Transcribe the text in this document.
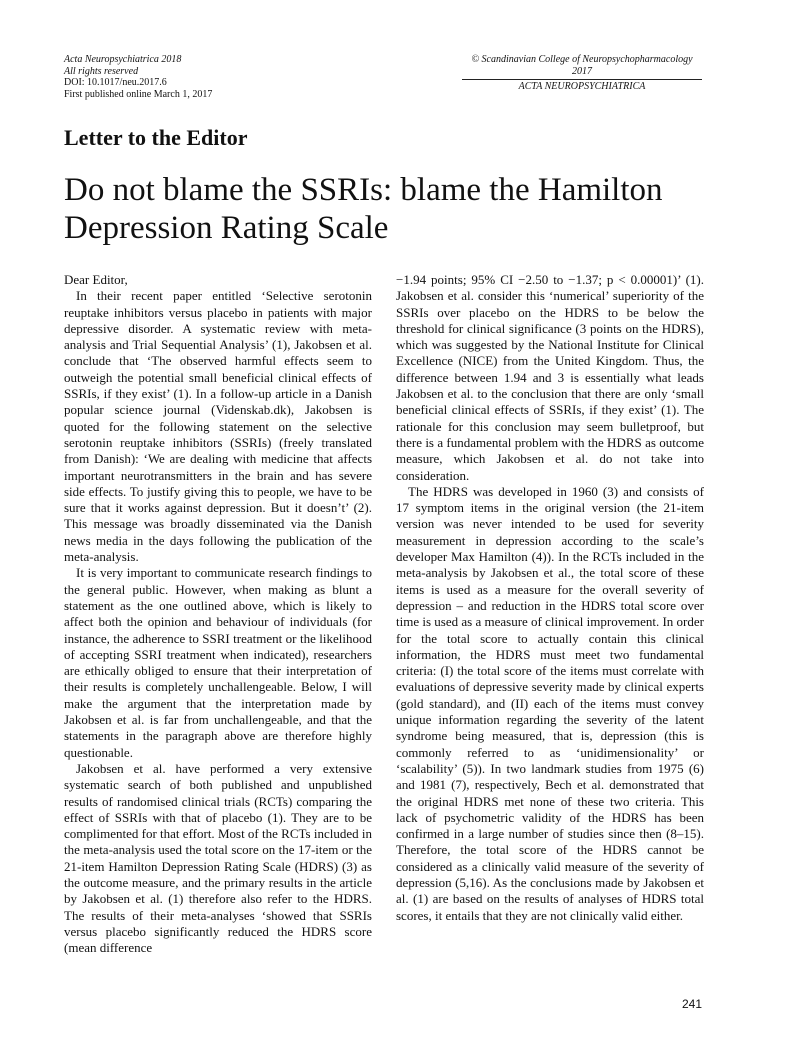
Acta Neuropsychiatrica 2018
All rights reserved
DOI: 10.1017/neu.2017.6
First published online March 1, 2017
© Scandinavian College of Neuropsychopharmacology 2017
ACTA NEUROPSYCHIATRICA
Letter to the Editor
Do not blame the SSRIs: blame the Hamilton Depression Rating Scale

Dear Editor,

In their recent paper entitled ‘Selective serotonin reuptake inhibitors versus placebo in patients with major depressive disorder. A systematic review with meta-analysis and Trial Sequential Analysis’ (1), Jakobsen et al. conclude that ‘The observed harmful effects seem to outweigh the potential small beneficial clinical effects of SSRIs, if they exist’ (1). In a follow-up article in a Danish popular science journal (Videnskab.dk), Jakobsen is quoted for the following statement on the selective serotonin reuptake inhibitors (SSRIs) (freely translated from Danish): ‘We are dealing with medicine that affects important neurotransmitters in the brain and has severe side effects. To justify giving this to people, we have to be sure that it works against depression. But it doesn’t’ (2). This message was broadly disseminated via the Danish news media in the days following the publication of the meta-analysis.

It is very important to communicate research findings to the general public. However, when making as blunt a statement as the one outlined above, which is likely to affect both the opinion and behaviour of individuals (for instance, the adherence to SSRI treatment or the likelihood of accepting SSRI treatment when indicated), researchers are ethically obliged to ensure that their interpretation of their results is completely unchallengeable. Below, I will make the argument that the interpretation made by Jakobsen et al. is far from unchallengeable, and that the statements in the paragraph above are therefore highly questionable.

Jakobsen et al. have performed a very extensive systematic search of both published and unpublished results of randomised clinical trials (RCTs) comparing the effect of SSRIs with that of placebo (1). They are to be complimented for that effort. Most of the RCTs included in the meta-analysis used the total score on the 17-item or the 21-item Hamilton Depression Rating Scale (HDRS) (3) as the outcome measure, and the primary results in the article by Jakobsen et al. (1) therefore also refer to the HDRS. The results of their meta-analyses ‘showed that SSRIs versus placebo significantly reduced the HDRS score (mean difference

−1.94 points; 95% CI −2.50 to −1.37; p < 0.00001)’ (1). Jakobsen et al. consider this ‘numerical’ superiority of the SSRIs over placebo on the HDRS to be below the threshold for clinical significance (3 points on the HDRS), which was suggested by the National Institute for Clinical Excellence (NICE) from the United Kingdom. Thus, the difference between 1.94 and 3 is essentially what leads Jakobsen et al. to the conclusion that there are only ‘small beneficial clinical effects of SSRIs, if they exist’ (1). The rationale for this conclusion may seem bulletproof, but there is a fundamental problem with the HDRS as outcome measure, which Jakobsen et al. do not take into consideration.

The HDRS was developed in 1960 (3) and consists of 17 symptom items in the original version (the 21-item version was never intended to be used for severity measurement in depression according to the scale’s developer Max Hamilton (4)). In the RCTs included in the meta-analysis by Jakobsen et al., the total score of these items is used as a measure for the overall severity of depression – and reduction in the HDRS total score over time is used as a measure of clinical improvement. In order for the total score to actually contain this clinical information, the HDRS must meet two fundamental criteria: (I) the total score of the items must correlate with evaluations of depressive severity made by clinical experts (gold standard), and (II) each of the items must convey unique information regarding the severity of the latent syndrome being measured, that is, depression (this is commonly referred to as ‘unidimensionality’ or ‘scalability’ (5)). In two landmark studies from 1975 (6) and 1981 (7), respectively, Bech et al. demonstrated that the original HDRS met none of these two criteria. This lack of psychometric validity of the HDRS has been confirmed in a large number of studies since then (8–15). Therefore, the total score of the HDRS cannot be considered as a clinically valid measure of the severity of depression (5,16). As the conclusions made by Jakobsen et al. (1) are based on the results of analyses of HDRS total scores, it entails that they are not clinically valid either.

241
